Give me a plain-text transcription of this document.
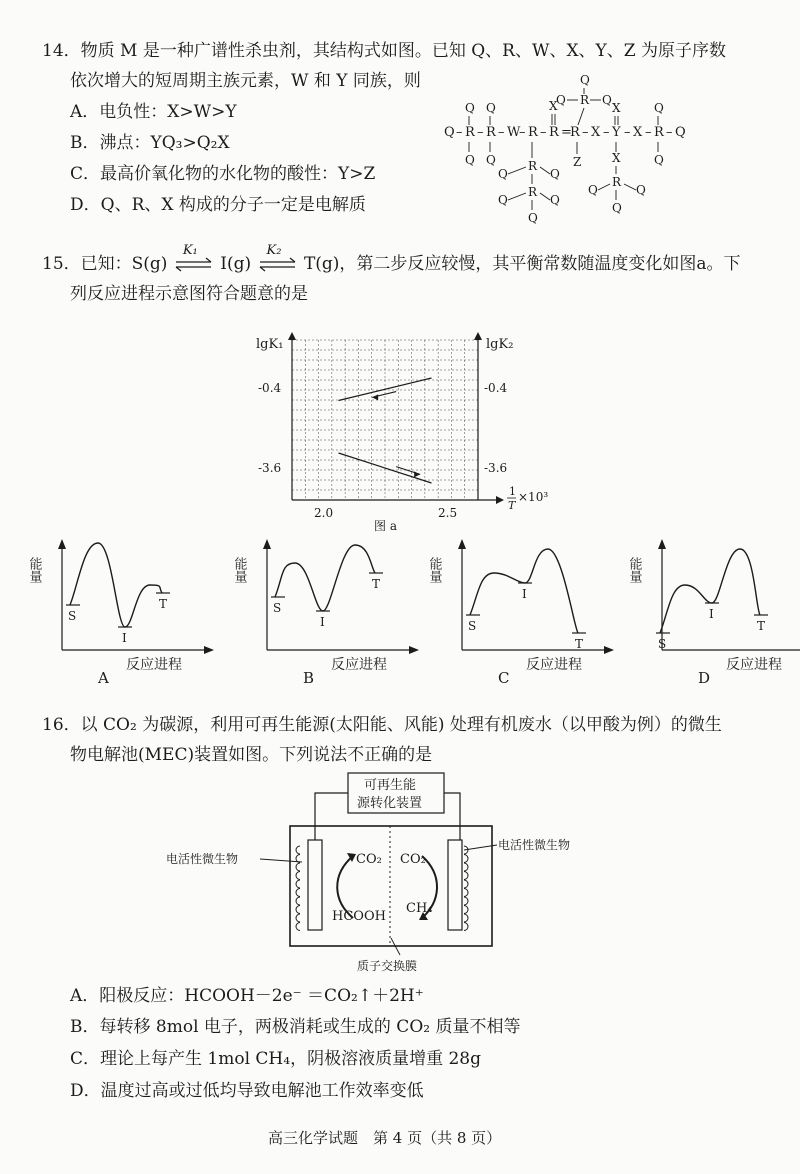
14．物质 M 是一种广谱性杀虫剂，其结构式如图。已知 Q、R、W、X、Y、Z 为原子序数
依次增大的短周期主族元素，W 和 Y 同族，则
A．电负性：X>W>Y
B．沸点：YQ₃>Q₂X
C．最高价氧化物的水化物的酸性：Y>Z
D．Q、R、X 构成的分子一定是电解质
Q – R – R – W
– R – R =
R – X – Y – X – R – Q
Q
Q
Q
Q
Q	Q
R
R
Q	Q
Q
X
Z
Q
R
Q	Q
X
X
R
Q	Q
Q
Q
Q
15．已知：S(g)
K₁
I(g)
K₂
T(g)，第二步反应较慢，其平衡常数随温度变化如图a。下
列反应进程示意图符合题意的是
lgK₁	lgK₂
-0.4
-3.6
-0.4
-3.6
2.0	2.5
1
T
×10³
图 a
能量
反应进程
A
S
I
T
能量
反应进程
B
S
I
T
能量
反应进程
C
S
I
T
能量
反应进程
D
S
I
T
16．以 CO₂ 为碳源，利用可再生能源(太阳能、风能) 处理有机废水（以甲酸为例）的微生
物电解池(MEC)装置如图。下列说法不正确的是
可再生能
源转化装置
CO₂
HCOOH
CO₂
CH₄
电活性微生物
电活性微生物
质子交换膜
A．阳极反应：HCOOH－2e⁻ ＝CO₂↑＋2H⁺
B．每转移 8mol 电子，两极消耗或生成的 CO₂ 质量不相等
C．理论上每产生 1mol CH₄，阴极溶液质量增重 28g
D．温度过高或过低均导致电解池工作效率变低
高三化学试题　第 4 页（共 8 页）
